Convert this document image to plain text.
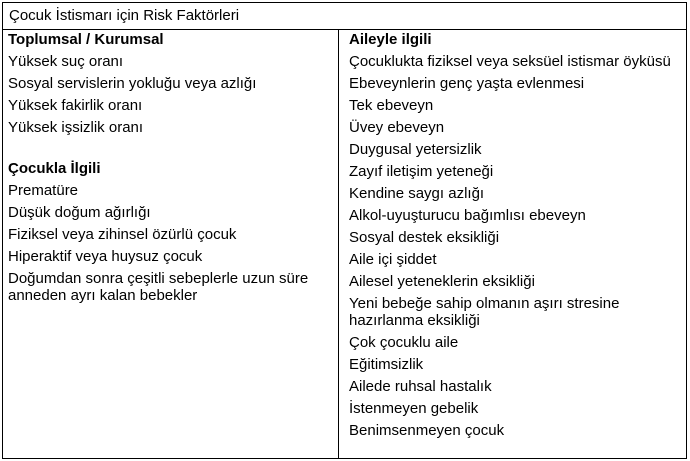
Çocuk İstismarı için Risk Faktörleri
Toplumsal / Kurumsal
Yüksek suç oranı
Sosyal servislerin yokluğu veya azlığı
Yüksek fakirlik oranı
Yüksek işsizlik oranı
Çocukla İlgili
Prematüre
Düşük doğum ağırlığı
Fiziksel veya zihinsel özürlü çocuk
Hiperaktif veya huysuz çocuk
Doğumdan sonra çeşitli sebeplerle uzun süre anneden ayrı kalan bebekler
Aileyle ilgili
Çocuklukta fiziksel veya seksüel istismar öyküsü
Ebeveynlerin genç yaşta evlenmesi
Tek ebeveyn
Üvey ebeveyn
Duygusal yetersizlik
Zayıf iletişim yeteneği
Kendine saygı azlığı
Alkol-uyuşturucu bağımlısı ebeveyn
Sosyal destek eksikliği
Aile içi şiddet
Ailesel yeteneklerin eksikliği
Yeni bebeğe sahip olmanın aşırı stresine hazırlanma eksikliği
Çok çocuklu aile
Eğitimsizlik
Ailede ruhsal hastalık
İstenmeyen gebelik
Benimsenmeyen çocuk
